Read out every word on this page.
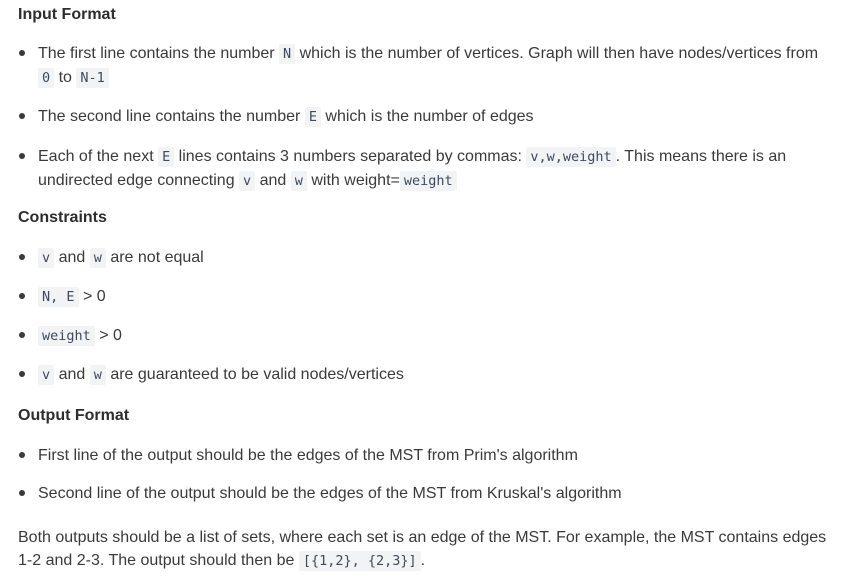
Input Format
The first line contains the number N which is the number of vertices. Graph will then have nodes/vertices from 0 to N-1
The second line contains the number E which is the number of edges
Each of the next E lines contains 3 numbers separated by commas: v,w,weight . This means there is an undirected edge connecting v and w with weight= weight
Constraints
v and w are not equal
N, E > 0
weight > 0
v and w are guaranteed to be valid nodes/vertices
Output Format
First line of the output should be the edges of the MST from Prim's algorithm
Second line of the output should be the edges of the MST from Kruskal's algorithm

Both outputs should be a list of sets, where each set is an edge of the MST. For example, the MST contains edges 1-2 and 2-3. The output should then be [{1,2}, {2,3}] .
